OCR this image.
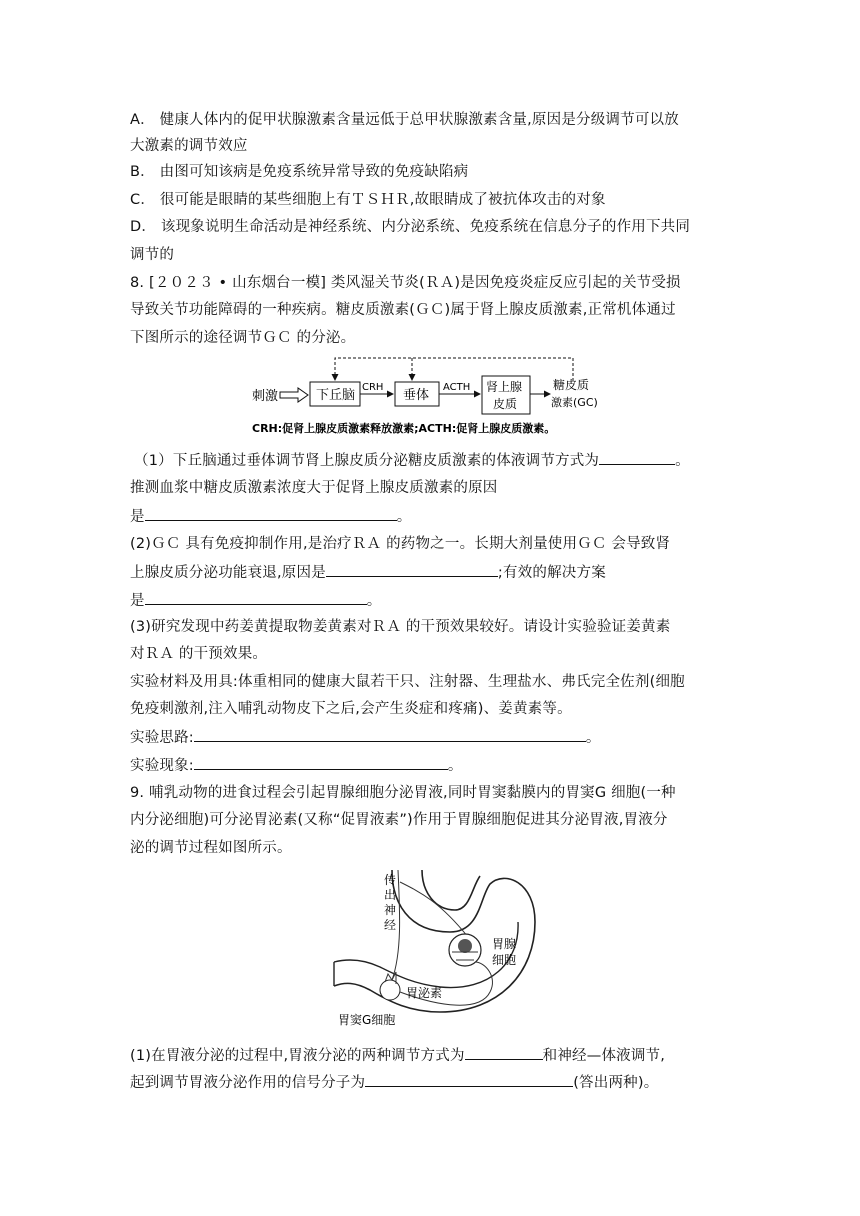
A． 健康人体内的促甲状腺激素含量远低于总甲状腺激素含量,原因是分级调节可以放
大激素的调节效应
B． 由图可知该病是免疫系统异常导致的免疫缺陷病
C． 很可能是眼睛的某些细胞上有ＴＳＨＲ,故眼睛成了被抗体攻击的对象
D． 该现象说明生命活动是神经系统、内分泌系统、免疫系统在信息分子的作用下共同
调节的
8. [２０２３ • 山东烟台一模] 类风湿关节炎(ＲＡ)是因免疫炎症反应引起的关节受损
导致关节功能障碍的一种疾病。糖皮质激素(ＧＣ)属于肾上腺皮质激素,正常机体通过
下图所示的途径调节ＧＣ 的分泌。
刺激	下丘脑
CRH
垂体
ACTH 肾上腺
皮质
糖皮质
激素(GC)
CRH:促肾上腺皮质激素释放激素;ACTH:促肾上腺皮质激素。
（1）下丘脑通过垂体调节肾上腺皮质分泌糖皮质激素的体液调节方式为	。
推测血浆中糖皮质激素浓度大于促肾上腺皮质激素的原因
是	。
(2)ＧＣ 具有免疫抑制作用,是治疗ＲＡ 的药物之一。长期大剂量使用ＧＣ 会导致肾
上腺皮质分泌功能衰退,原因是	;有效的解决方案
是	。
(3)研究发现中药姜黄提取物姜黄素对ＲＡ 的干预效果较好。请设计实验验证姜黄素
对ＲＡ 的干预效果。
实验材料及用具:体重相同的健康大鼠若干只、注射器、生理盐水、弗氏完全佐剂(细胞
免疫刺激剂,注入哺乳动物皮下之后,会产生炎症和疼痛)、姜黄素等。
实验思路:	。
实验现象:	。
9. 哺乳动物的进食过程会引起胃腺细胞分泌胃液,同时胃窦黏膜内的胃窦G 细胞(一种
内分泌细胞)可分泌胃泌素(又称“促胃液素”)作用于胃腺细胞促进其分泌胃液,胃液分
泌的调节过程如图所示。
传
出
神
经
胃腺
细胞
胃泌素
胃窦G细胞
(1)在胃液分泌的过程中,胃液分泌的两种调节方式为	和神经—体液调节,
起到调节胃液分泌作用的信号分子为	(答出两种)。
